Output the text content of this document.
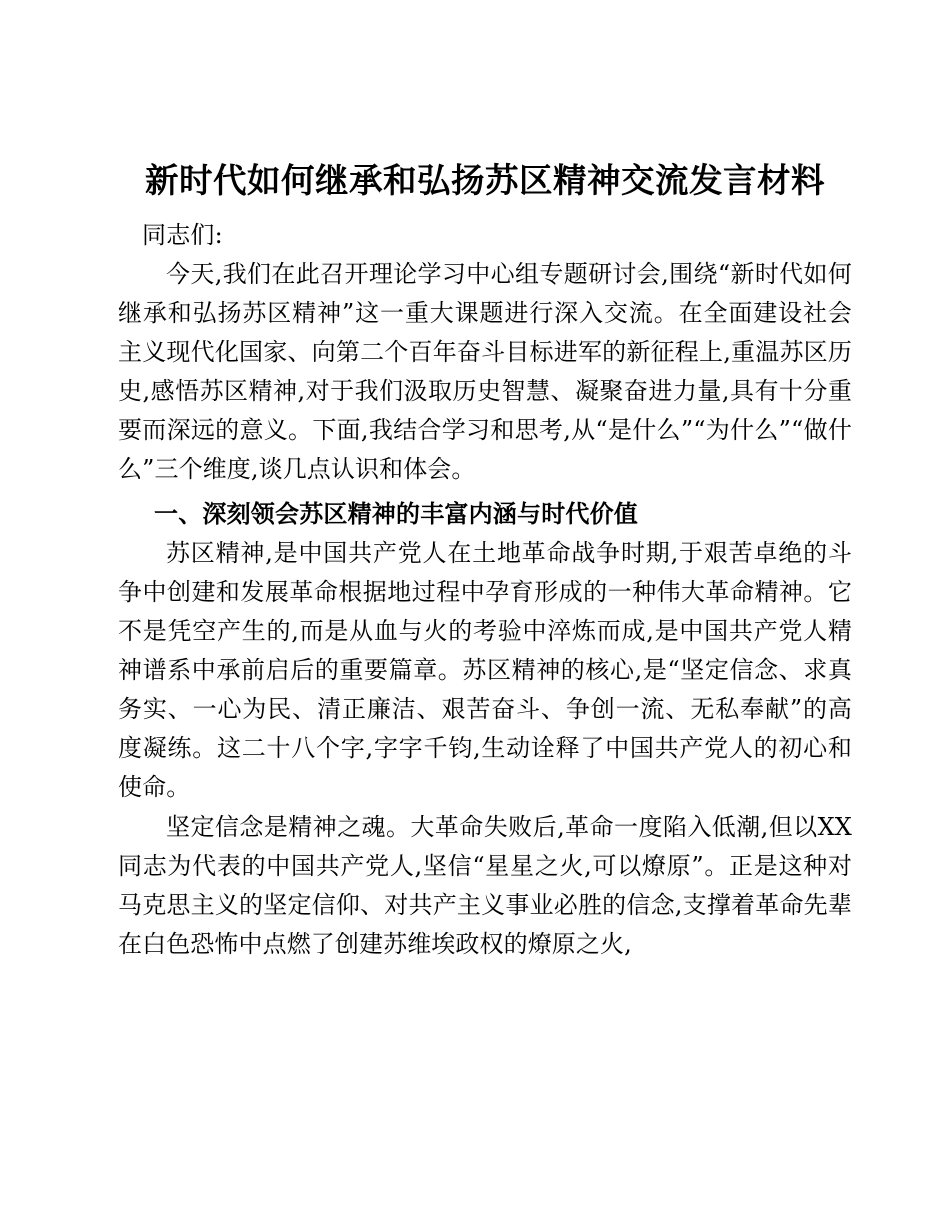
新时代如何继承和弘扬苏区精神交流发言材料

同志们:

今天,我们在此召开理论学习中心组专题研讨会,围绕“新时代如何继承和弘扬苏区精神”这一重大课题进行深入交流。在全面建设社会主义现代化国家、向第二个百年奋斗目标进军的新征程上,重温苏区历史,感悟苏区精神,对于我们汲取历史智慧、凝聚奋进力量,具有十分重要而深远的意义。下面,我结合学习和思考,从“是什么”“为什么”“做什么”三个维度,谈几点认识和体会。

一、深刻领会苏区精神的丰富内涵与时代价值

苏区精神,是中国共产党人在土地革命战争时期,于艰苦卓绝的斗争中创建和发展革命根据地过程中孕育形成的一种伟大革命精神。它不是凭空产生的,而是从血与火的考验中淬炼而成,是中国共产党人精神谱系中承前启后的重要篇章。苏区精神的核心,是“坚定信念、求真务实、一心为民、清正廉洁、艰苦奋斗、争创一流、无私奉献”的高度凝练。这二十八个字,字字千钧,生动诠释了中国共产党人的初心和使命。

坚定信念是精神之魂。大革命失败后,革命一度陷入低潮,但以XX同志为代表的中国共产党人,坚信“星星之火,可以燎原”。正是这种对马克思主义的坚定信仰、对共产主义事业必胜的信念,支撑着革命先辈在白色恐怖中点燃了创建苏维埃政权的燎原之火,
